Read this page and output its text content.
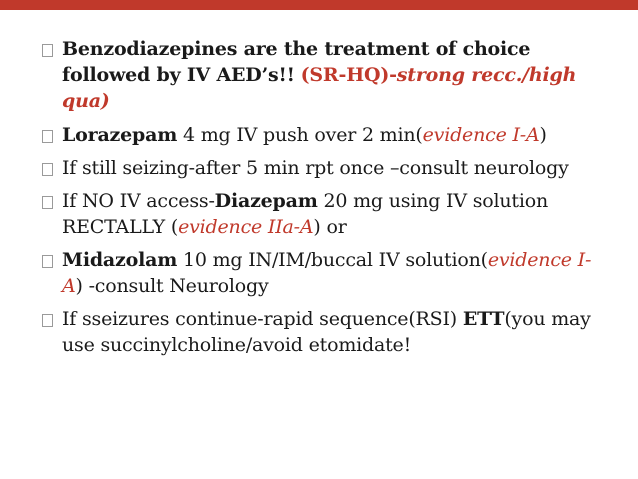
Benzodiazepines are the treatment of choice followed by IV AED’s!! (SR-HQ)-strong recc./high qua)
Lorazepam 4 mg IV push over 2 min(evidence I-A)
If still seizing-after 5 min rpt once –consult neurology
If NO IV access-Diazepam 20 mg using IV solution RECTALLY (evidence IIa-A) or
Midazolam 10 mg IN/IM/buccal IV solution(evidence I-A) -consult Neurology
If sseizures continue-rapid sequence(RSI) ETT(you may use succinylcholine/avoid etomidate!
